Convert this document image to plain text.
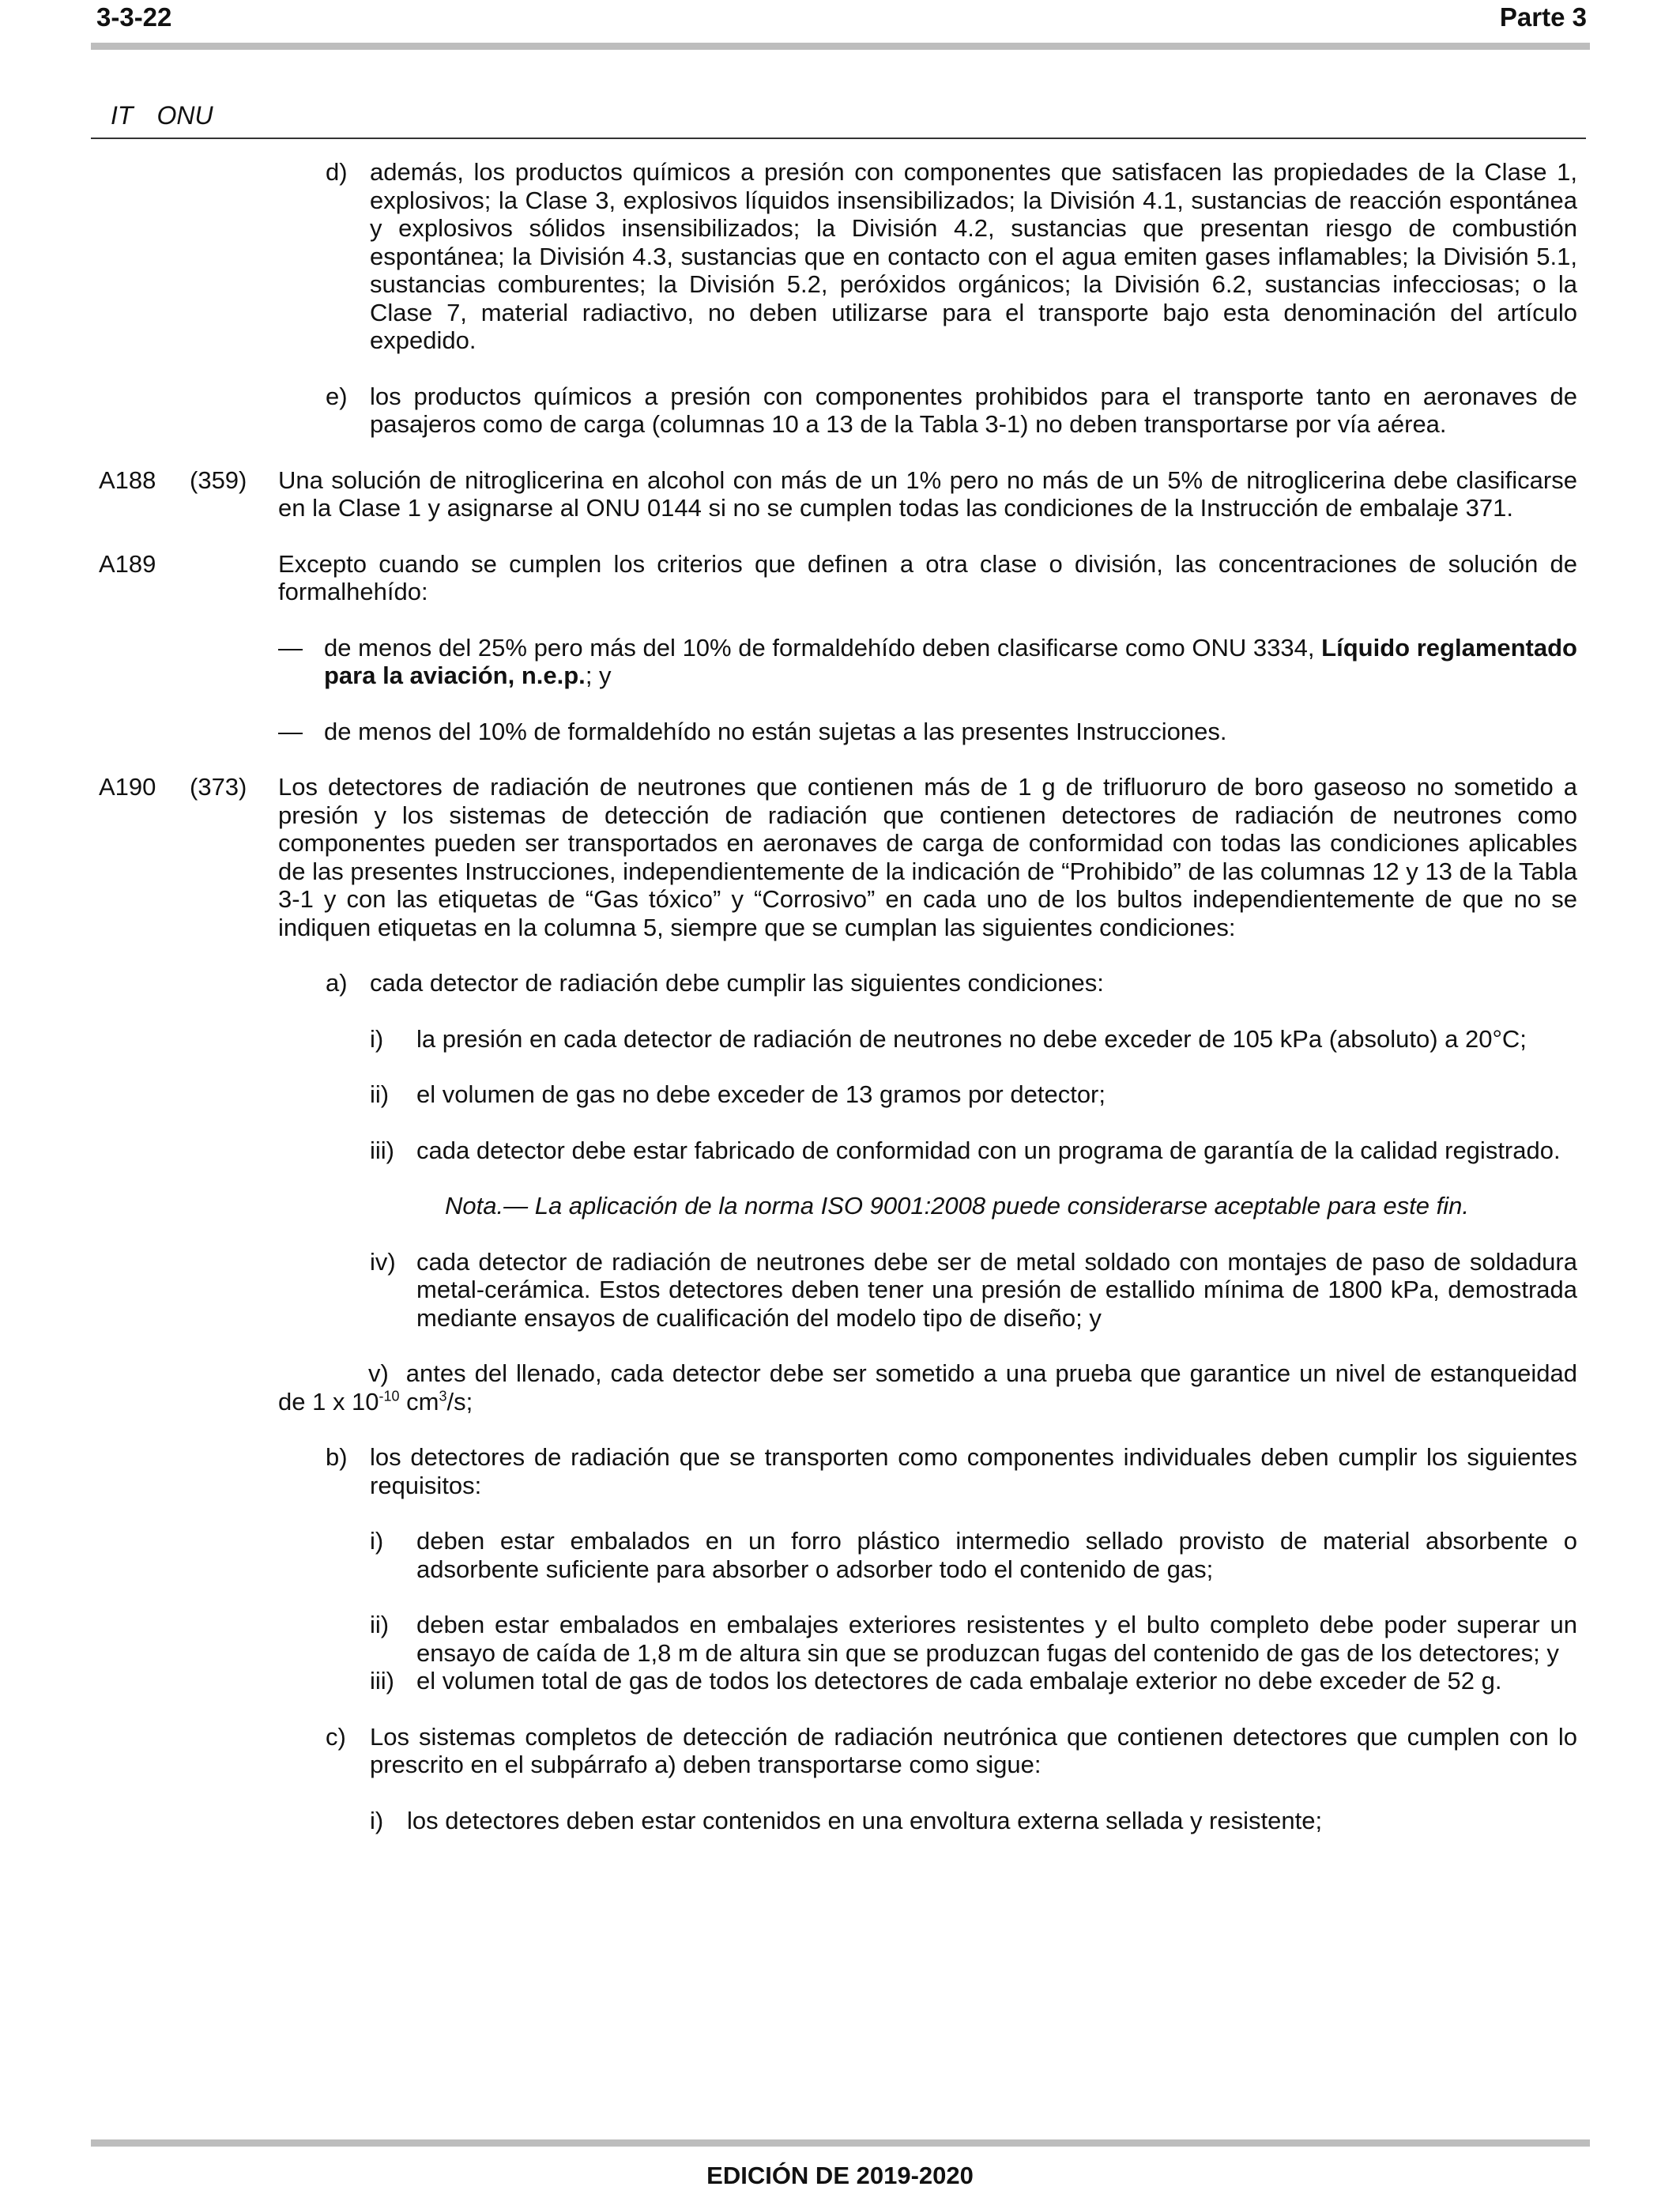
3-3-22	Parte 3
IT ONU
d) además, los productos químicos a presión con componentes que satisfacen las propiedades de la Clase 1, explosivos; la Clase 3, explosivos líquidos insensibilizados; la División 4.1, sustancias de reacción espontánea y explosivos sólidos insensibilizados; la División 4.2, sustancias que presentan riesgo de combustión espontánea; la División 4.3, sustancias que en contacto con el agua emiten gases inflamables; la División 5.1, sustancias comburentes; la División 5.2, peróxidos orgánicos; la División 6.2, sustancias infecciosas; o la Clase 7, material radiactivo, no deben utilizarse para el transporte bajo esta denominación del artículo expedido.
e) los productos químicos a presión con componentes prohibidos para el transporte tanto en aeronaves de pasajeros como de carga (columnas 10 a 13 de la Tabla 3-1) no deben transportarse por vía aérea.
A188 (359) Una solución de nitroglicerina en alcohol con más de un 1% pero no más de un 5% de nitroglicerina debe clasificarse en la Clase 1 y asignarse al ONU 0144 si no se cumplen todas las condiciones de la Instrucción de embalaje 371.
A189	Excepto cuando se cumplen los criterios que definen a otra clase o división, las concentraciones de solución de formalhehído:
— de menos del 25% pero más del 10% de formaldehído deben clasificarse como ONU 3334, Líquido reglamentado para la aviación, n.e.p.; y
— de menos del 10% de formaldehído no están sujetas a las presentes Instrucciones.
A190 (373) Los detectores de radiación de neutrones que contienen más de 1 g de trifluoruro de boro gaseoso no sometido a presión y los sistemas de detección de radiación que contienen detectores de radiación de neutrones como componentes pueden ser transportados en aeronaves de carga de conformidad con todas las condiciones aplicables de las presentes Instrucciones, independientemente de la indicación de “Prohibido” de las columnas 12 y 13 de la Tabla 3-1 y con las etiquetas de “Gas tóxico” y “Corrosivo” en cada uno de los bultos independientemente de que no se indiquen etiquetas en la columna 5, siempre que se cumplan las siguientes condiciones:
a) cada detector de radiación debe cumplir las siguientes condiciones:
i) la presión en cada detector de radiación de neutrones no debe exceder de 105 kPa (absoluto) a 20°C;
ii) el volumen de gas no debe exceder de 13 gramos por detector;
iii) cada detector debe estar fabricado de conformidad con un programa de garantía de la calidad registrado.
Nota.— La aplicación de la norma ISO 9001:2008 puede considerarse aceptable para este fin.
iv) cada detector de radiación de neutrones debe ser de metal soldado con montajes de paso de soldadura metal-cerámica. Estos detectores deben tener una presión de estallido mínima de 1800 kPa, demostrada mediante ensayos de cualificación del modelo tipo de diseño; y
v) antes del llenado, cada detector debe ser sometido a una prueba que garantice un nivel de estanqueidad de 1 x $10^{-10}$ $cm^3/s$;
b) los detectores de radiación que se transporten como componentes individuales deben cumplir los siguientes requisitos:
i) deben estar embalados en un forro plástico intermedio sellado provisto de material absorbente o adsorbente suficiente para absorber o adsorber todo el contenido de gas;
ii) deben estar embalados en embalajes exteriores resistentes y el bulto completo debe poder superar un ensayo de caída de 1,8 m de altura sin que se produzcan fugas del contenido de gas de los detectores; y
iii) el volumen total de gas de todos los detectores de cada embalaje exterior no debe exceder de 52 g.
c) Los sistemas completos de detección de radiación neutrónica que contienen detectores que cumplen con lo prescrito en el subpárrafo a) deben transportarse como sigue:
i) los detectores deben estar contenidos en una envoltura externa sellada y resistente;
EDICIÓN DE 2019-2020
